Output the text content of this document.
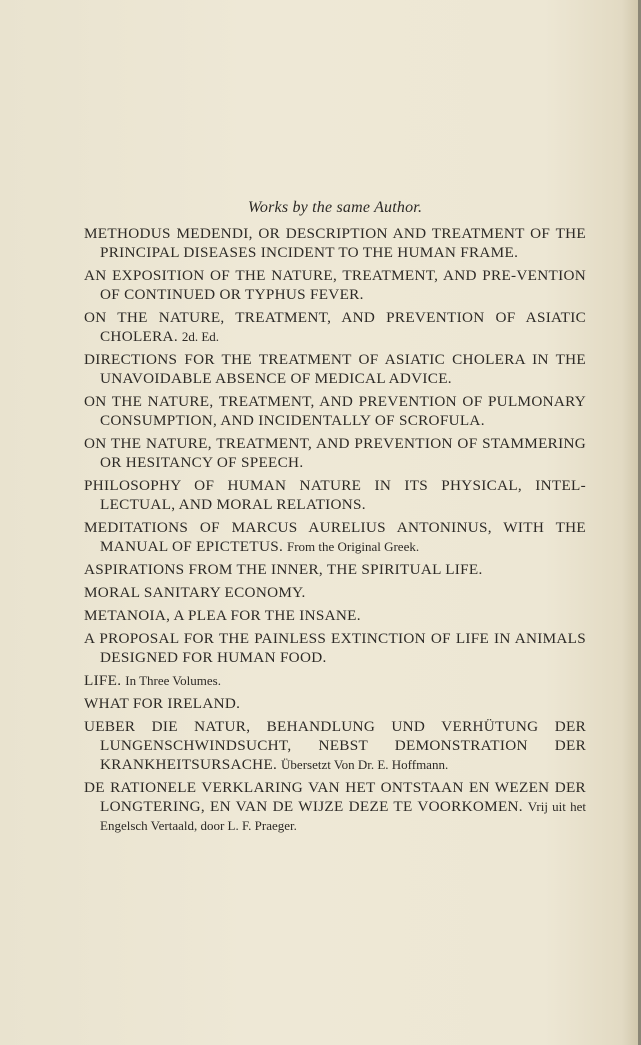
Works by the same Author.
METHODUS MEDENDI, OR DESCRIPTION AND TREATMENT OF THE PRINCIPAL DISEASES INCIDENT TO THE HUMAN FRAME.
AN EXPOSITION OF THE NATURE, TREATMENT, AND PRE-VENTION OF CONTINUED OR TYPHUS FEVER.
ON THE NATURE, TREATMENT, AND PREVENTION OF ASIATIC CHOLERA. 2d. Ed.
DIRECTIONS FOR THE TREATMENT OF ASIATIC CHOLERA IN THE UNAVOIDABLE ABSENCE OF MEDICAL ADVICE.
ON THE NATURE, TREATMENT, AND PREVENTION OF PULMONARY CONSUMPTION, AND INCIDENTALLY OF SCROFULA.
ON THE NATURE, TREATMENT, AND PREVENTION OF STAMMERING OR HESITANCY OF SPEECH.
PHILOSOPHY OF HUMAN NATURE IN ITS PHYSICAL, INTEL-LECTUAL, AND MORAL RELATIONS.
MEDITATIONS OF MARCUS AURELIUS ANTONINUS, WITH THE MANUAL OF EPICTETUS. From the Original Greek.
ASPIRATIONS FROM THE INNER, THE SPIRITUAL LIFE.
MORAL SANITARY ECONOMY.
METANOIA, A PLEA FOR THE INSANE.
A PROPOSAL FOR THE PAINLESS EXTINCTION OF LIFE IN ANIMALS DESIGNED FOR HUMAN FOOD.
LIFE. In Three Volumes.
WHAT FOR IRELAND.
UEBER DIE NATUR, BEHANDLUNG UND VERHÜTUNG DER LUNGENSCHWINDSUCHT, NEBST DEMONSTRATION DER KRANKHEITSURSACHE. Übersetzt Von Dr. E. Hoffmann.
DE RATIONELE VERKLARING VAN HET ONTSTAAN EN WEZEN DER LONGTERING, EN VAN DE WIJZE DEZE TE VOORKOMEN. Vrij uit het Engelsch Vertaald, door L. F. Praeger.
